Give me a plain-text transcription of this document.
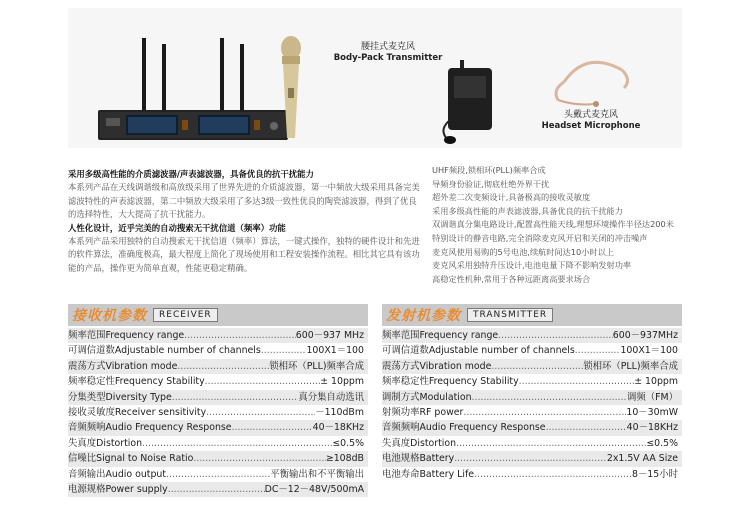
腰挂式麦克风
Body-Pack Transmitter
头戴式麦克风
Headset Microphone
采用多级高性能的介质滤波器/声表滤波器，具备优良的抗干扰能力
本系列产品在天线调谐级和高放级采用了世界先进的介质滤波器，第一中频放大级采用具备完美滤波特性的声表滤波器，第二中频放大级采用了多达3级一致性优良的陶瓷滤波器，得到了优良的选择特性，大大提高了抗干扰能力。
人性化设计，近乎完美的自动搜索无干扰信道（频率）功能
本系列产品采用独特的自动搜索无干扰信道（频率）算法，一键式操作，独特的硬件设计和先进的软件算法，准确度极高，最大程度上简化了现场使用和工程安装操作流程。相比其它具有该功能的产品，操作更为简单直观，性能更稳定精确。
UHF频段,锁相环(PLL)频率合成
导频身份验证,彻底杜绝外界干扰
超外差二次变频设计,具备极高的接收灵敏度
采用多级高性能的声表滤波器,具备优良的抗干扰能力
双调谐真分集电路设计,配置高性能天线,理想环境操作半径达200米
特别设计的静音电路,完全消除麦克风开启和关闭的冲击噪声
麦克风使用易购的5号电池,续航时间达10小时以上
麦克风采用独特升压设计,电池电量下降不影响发射功率
高稳定性机种,常用于各种远距离高要求场合
接收机参数	RECEIVER
频率范围Frequency range .....	600－937 MHz
可调信道数Adjustable number of channels .....	100X1＝100
震荡方式Vibration mode .....	锁相环（PLL)频率合成
频率稳定性Frequency Stability .....	± 10ppm
分集类型Diversity Type .....	真分集自动选讯
接收灵敏度Receiver sensitivity .....	－110dBm
音频频响Audio Frequency Response .....	40－18KHz
失真度Distortion .....	≤0.5%
信噪比Signal to Noise Ratio .....	≥108dB
音频输出Audio output .....	平衡输出和不平衡输出
电源规格Power supply .....	DC－12－48V/500mA
发射机参数	TRANSMITTER
频率范围Frequency range .....	600－937MHz
可调信道数Adjustable number of channels .....	100X1＝100
震荡方式Vibration mode .....	锁相环（PLL)频率合成
频率稳定性Frequency Stability .....	± 10ppm
调制方式Modulation .....	调频（FM）
射频功率RF power .....	10－30mW
音频频响Audio Frequency Response .....	40－18KHz
失真度Distortion .....	≤0.5%
电池规格Battery .....	2x1.5V AA Size
电池寿命Battery Life .....	8－15小时
